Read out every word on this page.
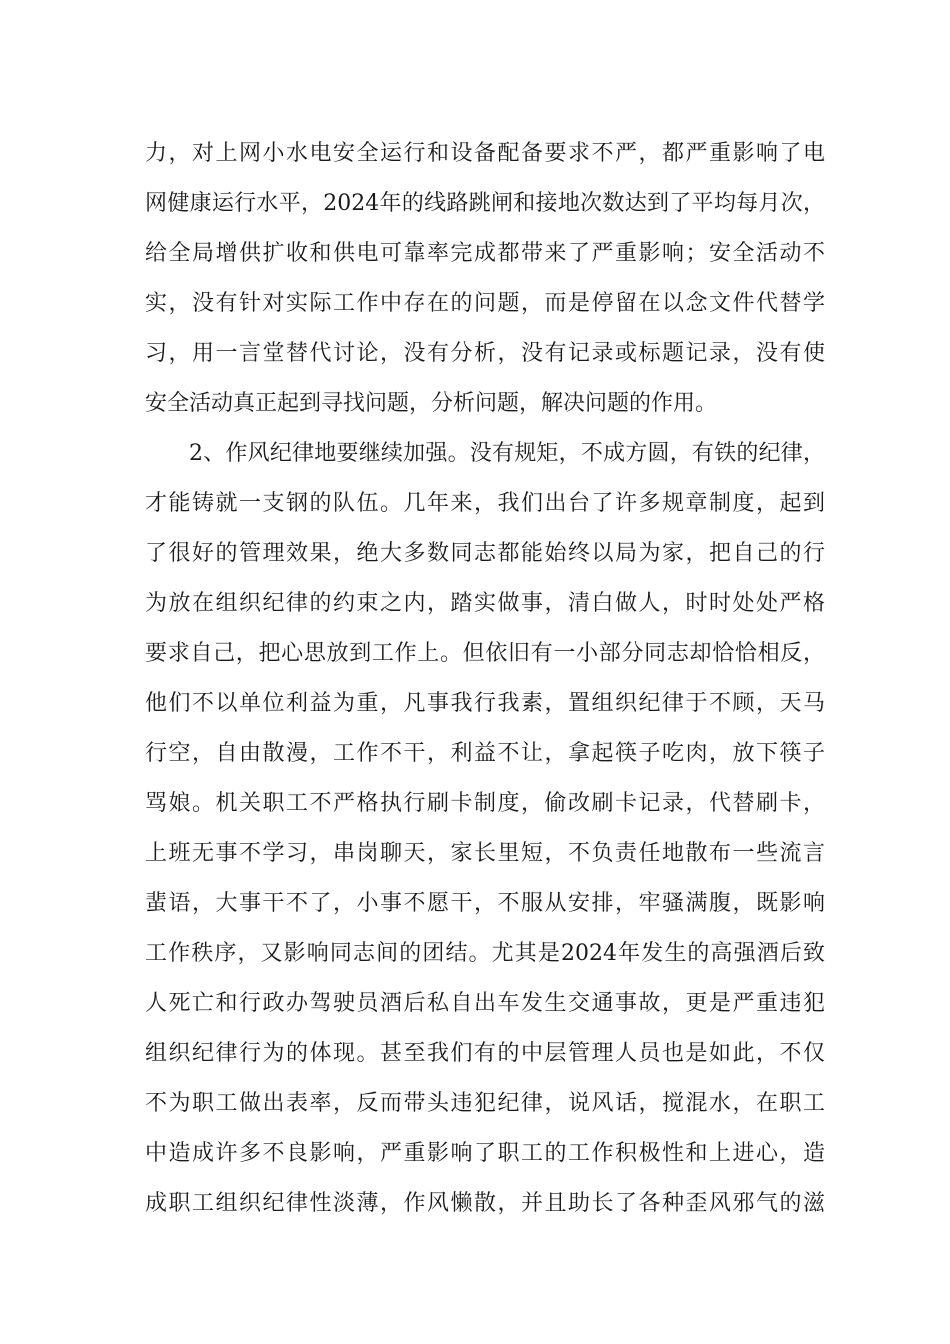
力，对上网小水电安全运行和设备配备要求不严，都严重影响了电
网健康运行水平，2024年的线路跳闸和接地次数达到了平均每月次，
给全局增供扩收和供电可靠率完成都带来了严重影响；安全活动不
实，没有针对实际工作中存在的问题，而是停留在以念文件代替学
习，用一言堂替代讨论，没有分析，没有记录或标题记录，没有使
安全活动真正起到寻找问题，分析问题，解决问题的作用。
2、作风纪律地要继续加强。没有规矩，不成方圆，有铁的纪律，
才能铸就一支钢的队伍。几年来，我们出台了许多规章制度，起到
了很好的管理效果，绝大多数同志都能始终以局为家，把自己的行
为放在组织纪律的约束之内，踏实做事，清白做人，时时处处严格
要求自己，把心思放到工作上。但依旧有一小部分同志却恰恰相反，
他们不以单位利益为重，凡事我行我素，置组织纪律于不顾，天马
行空，自由散漫，工作不干，利益不让，拿起筷子吃肉，放下筷子
骂娘。机关职工不严格执行刷卡制度，偷改刷卡记录，代替刷卡，
上班无事不学习，串岗聊天，家长里短，不负责任地散布一些流言
蜚语，大事干不了，小事不愿干，不服从安排，牢骚满腹，既影响
工作秩序，又影响同志间的团结。尤其是2024年发生的高强酒后致
人死亡和行政办驾驶员酒后私自出车发生交通事故，更是严重违犯
组织纪律行为的体现。甚至我们有的中层管理人员也是如此，不仅
不为职工做出表率，反而带头违犯纪律，说风话，搅混水，在职工
中造成许多不良影响，严重影响了职工的工作积极性和上进心，造
成职工组织纪律性淡薄，作风懒散，并且助长了各种歪风邪气的滋
